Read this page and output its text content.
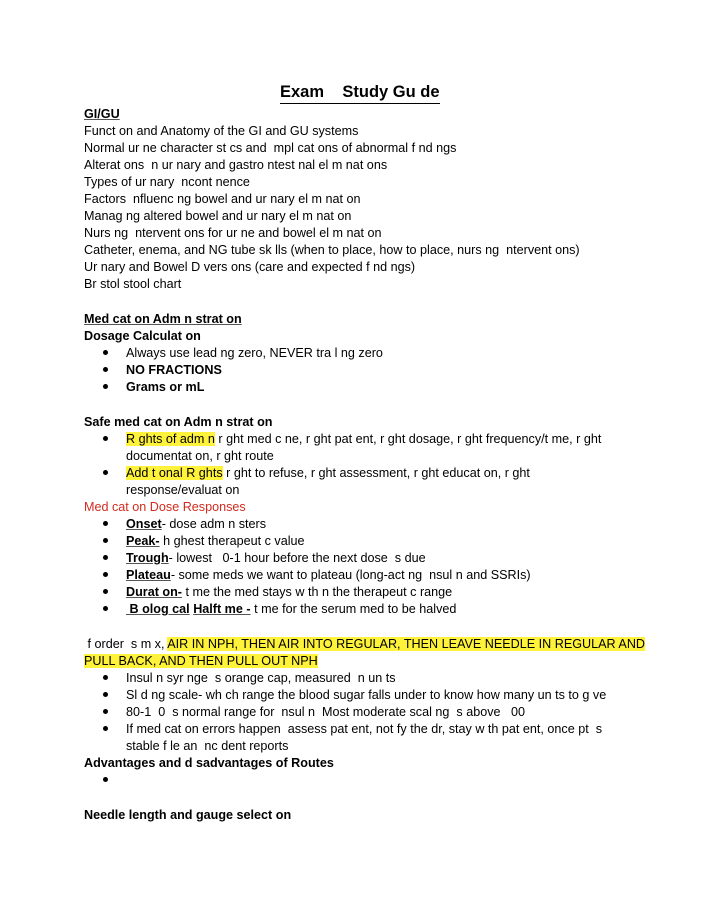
Exam    Study Gu de
GI/GU
Funct on and Anatomy of the GI and GU systems
Normal ur ne character st cs and  mpl cat ons of abnormal f nd ngs
Alterat ons  n ur nary and gastro ntest nal el m nat ons
Types of ur nary  ncont nence
Factors  nfluenc ng bowel and ur nary el m nat on
Manag ng altered bowel and ur nary el m nat on
Nurs ng  ntervent ons for ur ne and bowel el m nat on
Catheter, enema, and NG tube sk lls (when to place, how to place, nurs ng  ntervent ons)
Ur nary and Bowel D vers ons (care and expected f nd ngs)
Br stol stool chart
Med cat on Adm n strat on
Dosage Calculat on
Always use lead ng zero, NEVER tra l ng zero
NO FRACTIONS
Grams or mL
Safe med cat on Adm n strat on
R ghts of adm n r ght med c ne, r ght pat ent, r ght dosage, r ght frequency/t me, r ght
documentat on, r ght route
Add t onal R ghts r ght to refuse, r ght assessment, r ght educat on, r ght
response/evaluat on
Med cat on Dose Responses
Onset- dose adm n sters
Peak- h ghest therapeut c value
Trough- lowest   0-1 hour before the next dose  s due
Plateau- some meds we want to plateau (long-act ng  nsul n and SSRIs)
Durat on- t me the med stays w th n the therapeut c range
B olog cal Halft me - t me for the serum med to be halved
f order  s m x, AIR IN NPH, THEN AIR INTO REGULAR, THEN LEAVE NEEDLE IN REGULAR AND
PULL BACK, AND THEN PULL OUT NPH
Insul n syr nge  s orange cap, measured  n un ts
Sl d ng scale- wh ch range the blood sugar falls under to know how many un ts to g ve
80-1  0  s normal range for  nsul n  Most moderate scal ng  s above   00
If med cat on errors happen  assess pat ent, not fy the dr, stay w th pat ent, once pt  s
stable f le an  nc dent reports
Advantages and d sadvantages of Routes
Needle length and gauge select on
